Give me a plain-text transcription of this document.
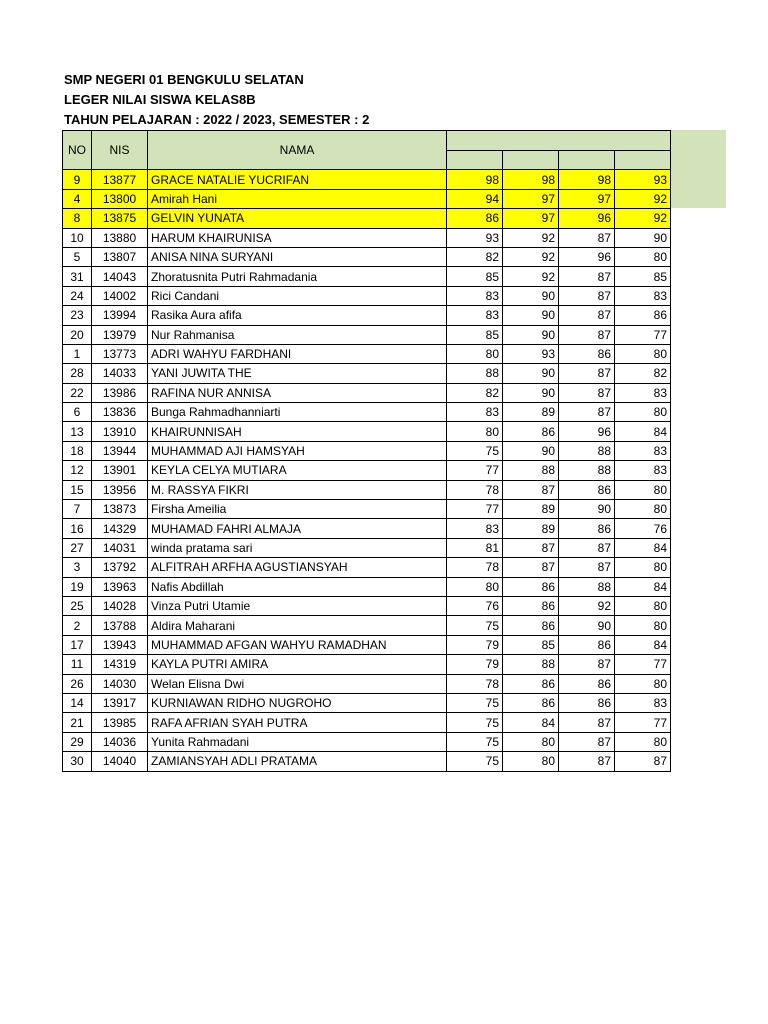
SMP NEGERI 01 BENGKULU SELATAN
LEGER NILAI SISWA KELAS8B
TAHUN PELAJARAN : 2022 / 2023, SEMESTER : 2
NO	NIS	NAMA				

9	13877	GRACE NATALIE YUCRIFAN	98	98	98	93
4	13800	Amirah Hani	94	97	97	92
8	13875	GELVIN YUNATA	86	97	96	92
10	13880	HARUM KHAIRUNISA	93	92	87	90
5	13807	ANISA NINA SURYANI	82	92	96	80
31	14043	Zhoratusnita Putri Rahmadania	85	92	87	85
24	14002	Rici Candani	83	90	87	83
23	13994	Rasika Aura afifa	83	90	87	86
20	13979	Nur Rahmanisa	85	90	87	77
1	13773	ADRI WAHYU FARDHANI	80	93	86	80
28	14033	YANI JUWITA THE	88	90	87	82
22	13986	RAFINA NUR ANNISA	82	90	87	83
6	13836	Bunga Rahmadhanniarti	83	89	87	80
13	13910	KHAIRUNNISAH	80	86	96	84
18	13944	MUHAMMAD AJI HAMSYAH	75	90	88	83
12	13901	KEYLA CELYA MUTIARA	77	88	88	83
15	13956	M. RASSYA FIKRI	78	87	86	80
7	13873	Firsha Ameilia	77	89	90	80
16	14329	MUHAMAD FAHRI ALMAJA	83	89	86	76
27	14031	winda pratama sari	81	87	87	84
3	13792	ALFITRAH ARFHA AGUSTIANSYAH	78	87	87	80
19	13963	Nafis Abdillah	80	86	88	84
25	14028	Vinza Putri Utamie	76	86	92	80
2	13788	Aldira Maharani	75	86	90	80
17	13943	MUHAMMAD AFGAN WAHYU RAMADHAN	79	85	86	84
11	14319	KAYLA PUTRI AMIRA	79	88	87	77
26	14030	Welan Elisna Dwi	78	86	86	80
14	13917	KURNIAWAN RIDHO NUGROHO	75	86	86	83
21	13985	RAFA AFRIAN SYAH PUTRA	75	84	87	77
29	14036	Yunita Rahmadani	75	80	87	80
30	14040	ZAMIANSYAH ADLI PRATAMA	75	80	87	87
